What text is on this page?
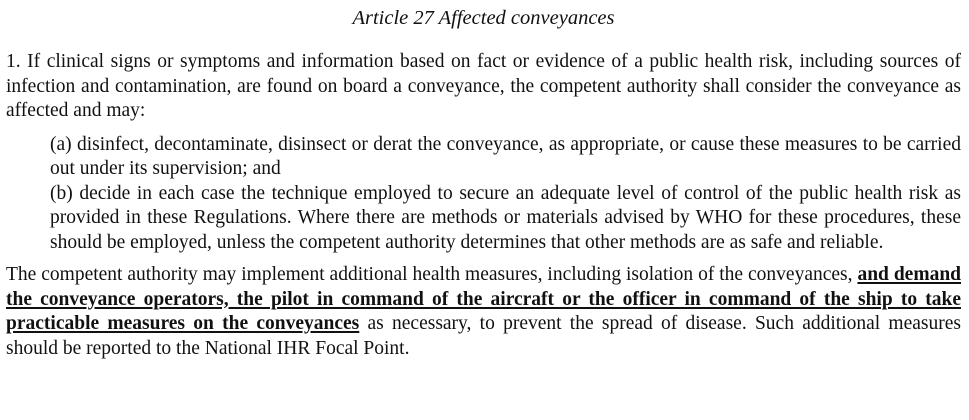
Article 27 Affected conveyances

1. If clinical signs or symptoms and information based on fact or evidence of a public health risk, including sources of infection and contamination, are found on board a conveyance, the competent authority shall consider the conveyance as affected and may:

(a) disinfect, decontaminate, disinsect or derat the conveyance, as appropriate, or cause these measures to be carried out under its supervision; and

(b) decide in each case the technique employed to secure an adequate level of control of the public health risk as provided in these Regulations. Where there are methods or materials advised by WHO for these procedures, these should be employed, unless the competent authority determines that other methods are as safe and reliable.

The competent authority may implement additional health measures, including isolation of the conveyances, and demand the conveyance operators, the pilot in command of the aircraft or the officer in command of the ship to take practicable measures on the conveyances as necessary, to prevent the spread of disease. Such additional measures should be reported to the National IHR Focal Point.
